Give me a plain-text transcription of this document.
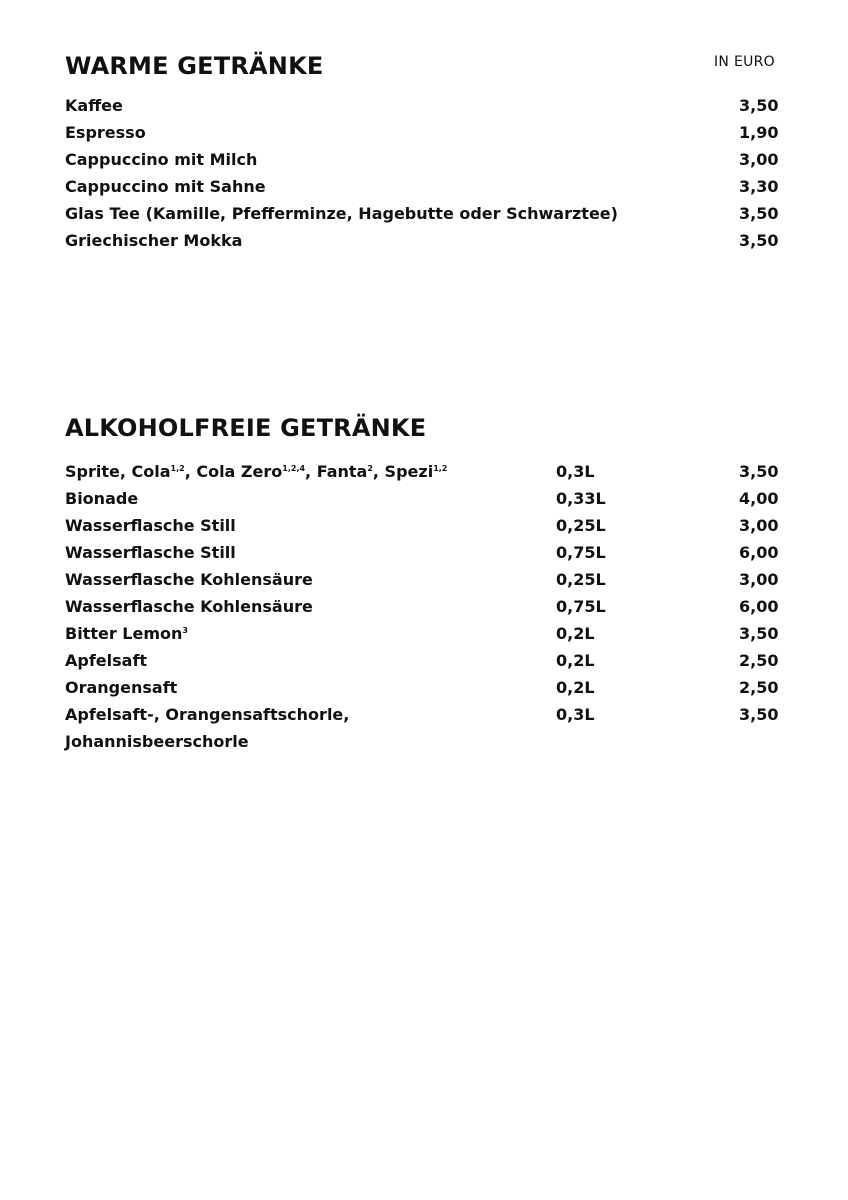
WARME GETRÄNKE	IN EURO
Kaffee	3,50
Espresso	1,90
Cappuccino mit Milch	3,00
Cappuccino mit Sahne	3,30
Glas Tee (Kamille, Pfefferminze, Hagebutte oder Schwarztee)	3,50
Griechischer Mokka	3,50
ALKOHOLFREIE GETRÄNKE
Sprite, Cola$^{1,2}$, Cola Zero$^{1,2,4}$, Fanta$^2$, Spezi$^{1,2}$	0,3L	3,50
Bionade	0,33L	4,00
Wasserflasche Still	0,25L	3,00
Wasserflasche Still	0,75L	6,00
Wasserflasche Kohlensäure	0,25L	3,00
Wasserflasche Kohlensäure	0,75L	6,00
Bitter Lemon$^3$	0,2L	3,50
Apfelsaft	0,2L	2,50
Orangensaft	0,2L	2,50
Apfelsaft-, Orangensaftschorle,
Johannisbeerschorle
0,3L	3,50
